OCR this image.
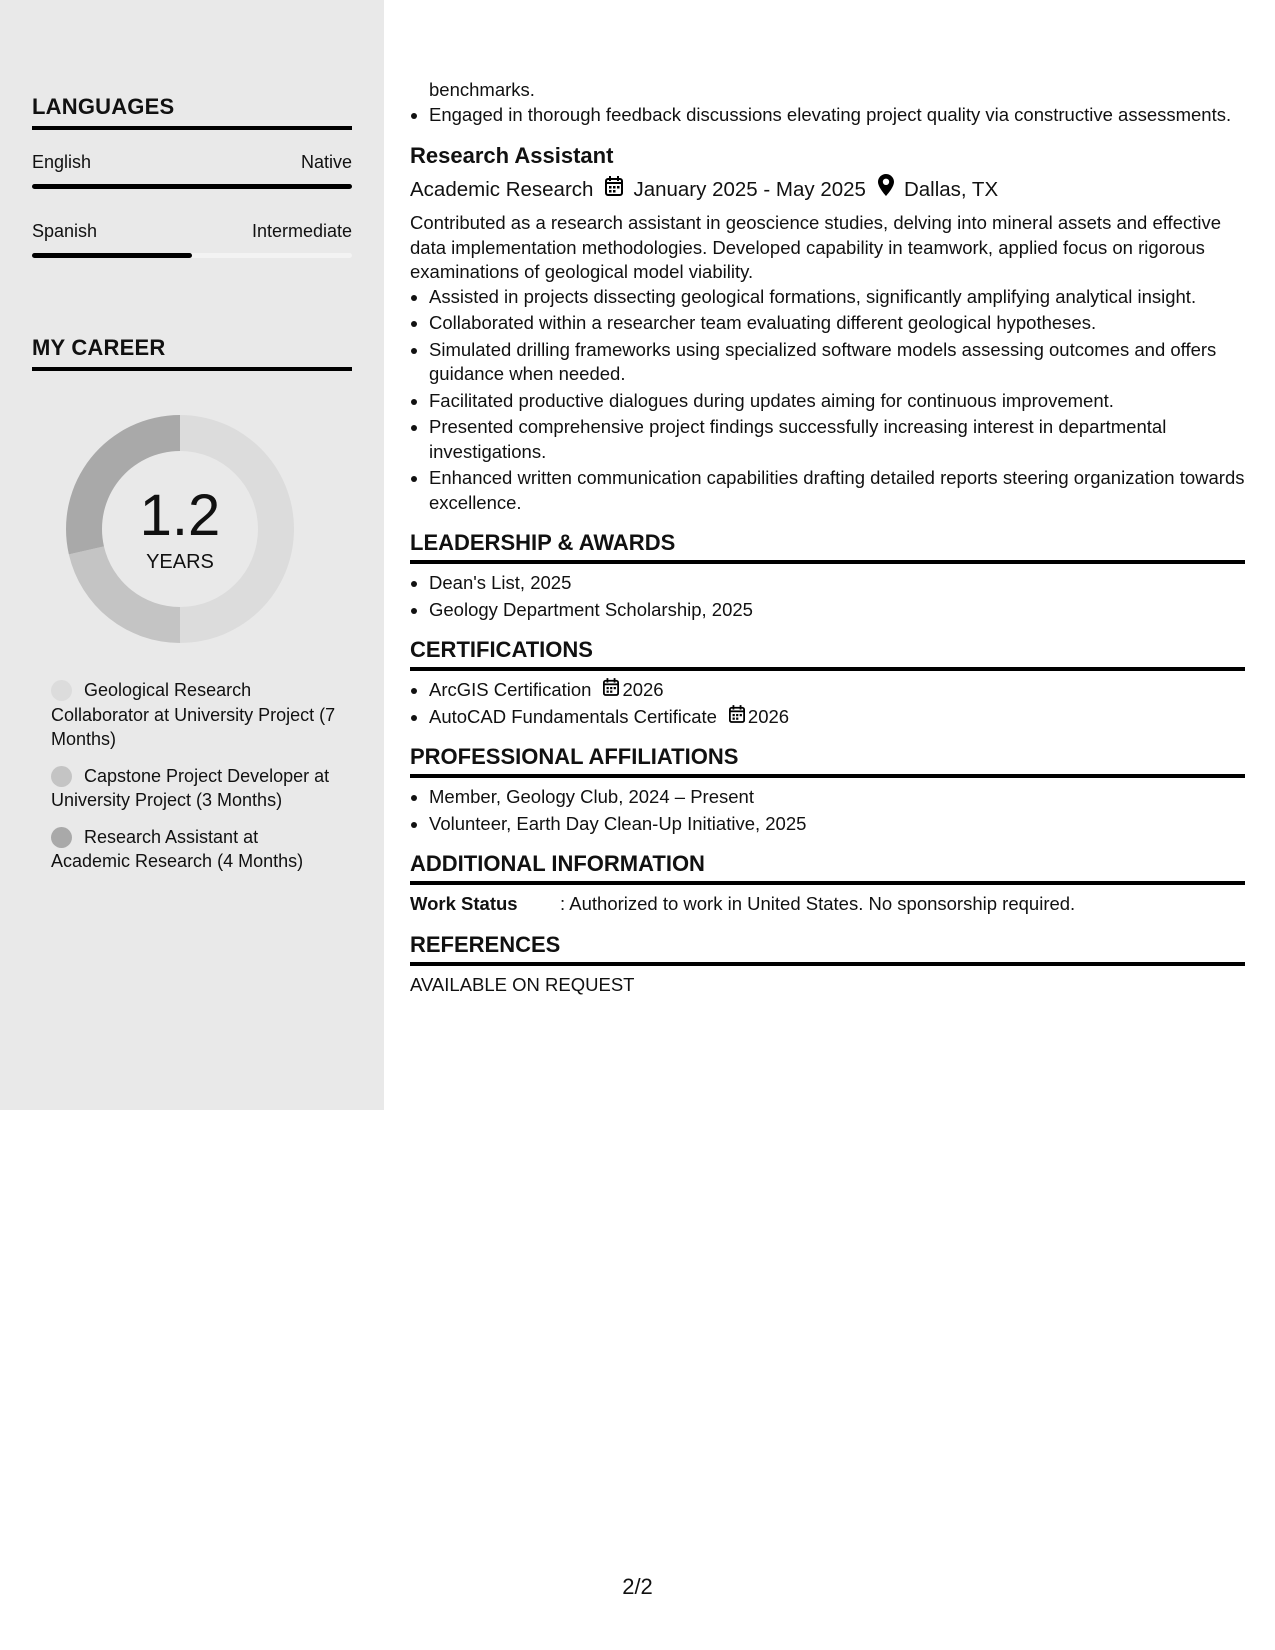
LANGUAGES
English	Native
Spanish	Intermediate
MY CAREER
1.2
YEARS
Geological Research Collaborator at University Project (7 Months)
Capstone Project Developer at University Project (3 Months)
Research Assistant at Academic Research (4 Months)
benchmarks.
• Engaged in thorough feedback discussions elevating project quality via constructive assessments.
Research Assistant
Academic Research January 2025 - May 2025 Dallas, TX
Contributed as a research assistant in geoscience studies, delving into mineral assets and effective data implementation methodologies. Developed capability in teamwork, applied focus on rigorous examinations of geological model viability.
• Assisted in projects dissecting geological formations, significantly amplifying analytical insight.
• Collaborated within a researcher team evaluating different geological hypotheses.
• Simulated drilling frameworks using specialized software models assessing outcomes and offers guidance when needed.
• Facilitated productive dialogues during updates aiming for continuous improvement.
• Presented comprehensive project findings successfully increasing interest in departmental investigations.
• Enhanced written communication capabilities drafting detailed reports steering organization towards excellence.
LEADERSHIP & AWARDS
• Dean's List, 2025
• Geology Department Scholarship, 2025
CERTIFICATIONS
• ArcGIS Certification 2026
• AutoCAD Fundamentals Certificate 2026
PROFESSIONAL AFFILIATIONS
• Member, Geology Club, 2024 – Present
• Volunteer, Earth Day Clean-Up Initiative, 2025
ADDITIONAL INFORMATION
Work Status	: Authorized to work in United States. No sponsorship required.
REFERENCES
AVAILABLE ON REQUEST
2/2
